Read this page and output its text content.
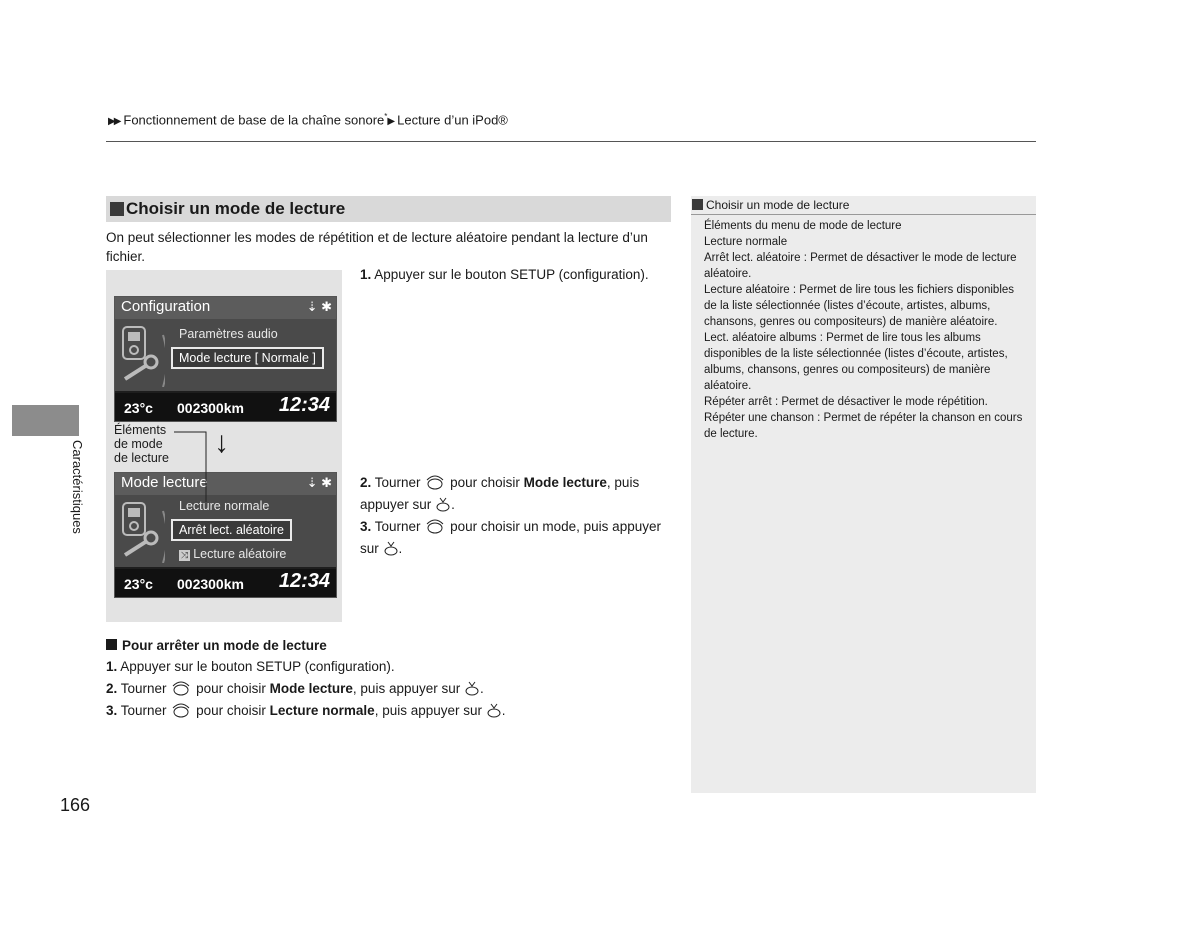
▶▶ Fonctionnement de base de la chaîne sonore*▶ Lecture d’un iPod®
Caractéristiques
166
Choisir un mode de lecture
On peut sélectionner les modes de répétition et de lecture aléatoire pendant la lecture d’un fichier.
Configuration	⇣ ✱
Paramètres audio
Mode lecture [ Normale ]
23°c 002300km 12:34
Mode lecture	⇣ ✱
Lecture normale
Arrêt lect. aléatoire
⤨ Lecture aléatoire
23°c 002300km 12:34
Éléments
de mode
de lecture ↓
1. Appuyer sur le bouton SETUP (configuration).
2. Tourner pour choisir Mode lecture, puis appuyer sur .
3. Tourner pour choisir un mode, puis appuyer sur .
Pour arrêter un mode de lecture
1. Appuyer sur le bouton SETUP (configuration).
2. Tourner pour choisir Mode lecture, puis appuyer sur .
3. Tourner pour choisir Lecture normale, puis appuyer sur .
Choisir un mode de lecture
Éléments du menu de mode de lecture
Lecture normale
Arrêt lect. aléatoire : Permet de désactiver le mode de lecture aléatoire.
Lecture aléatoire : Permet de lire tous les fichiers disponibles de la liste sélectionnée (listes d’écoute, artistes, albums, chansons, genres ou compositeurs) de manière aléatoire.
Lect. aléatoire albums : Permet de lire tous les albums disponibles de la liste sélectionnée (listes d’écoute, artistes, albums, chansons, genres ou compositeurs) de manière aléatoire.
Répéter arrêt : Permet de désactiver le mode répétition.
Répéter une chanson : Permet de répéter la chanson en cours de lecture.
